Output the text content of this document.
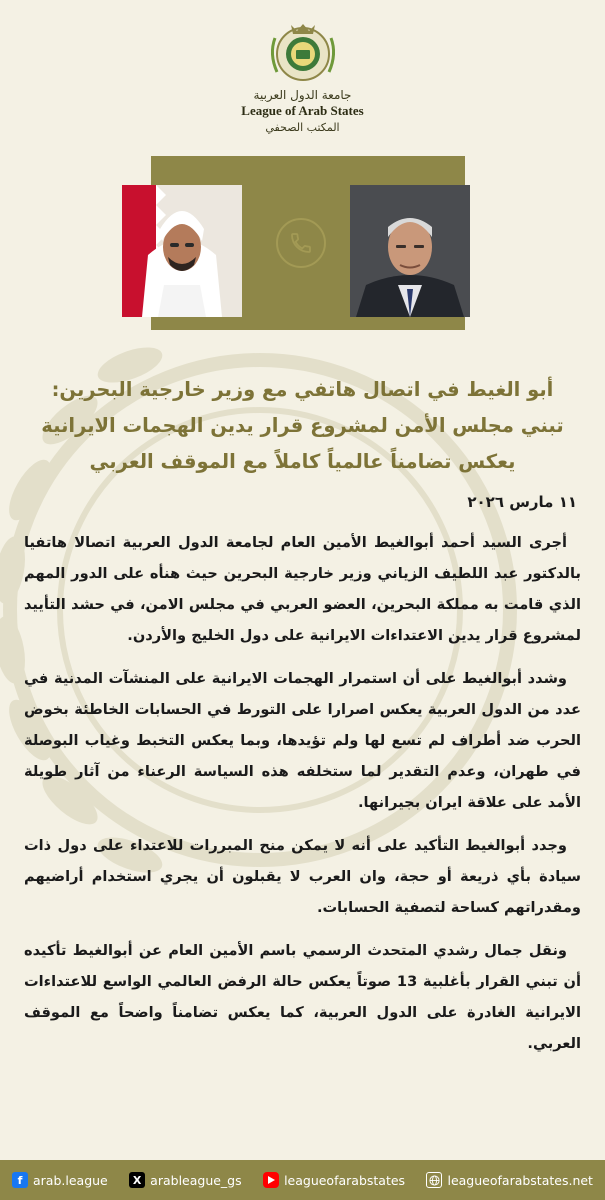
جامعة الدول العربية
League of Arab States
المكتب الصحفي
أبو الغيط في اتصال هاتفي مع وزير خارجية البحرين:
تبني مجلس الأمن لمشروع قرار يدين الهجمات الايرانية
يعكس تضامناً عالمياً كاملاً مع الموقف العربي
١١ مارس ٢٠٢٦

أجرى السيد أحمد أبوالغيط الأمين العام لجامعة الدول العربية اتصالا هاتفيا بالدكتور عبد اللطيف الزياني وزير خارجية البحرين حيث هنأه على الدور المهم الذي قامت به مملكة البحرين، العضو العربي في مجلس الامن، في حشد التأييد لمشروع قرار يدين الاعتداءات الايرانية على دول الخليج والأردن.

وشدد أبوالغيط على أن استمرار الهجمات الايرانية على المنشآت المدنية في عدد من الدول العربية يعكس اصرارا على التورط في الحسابات الخاطئة بخوض الحرب ضد أطراف لم تسع لها ولم تؤيدها، وبما يعكس التخبط وغياب البوصلة في طهران، وعدم التقدير لما ستخلفه هذه السياسة الرعناء من آثار طويلة الأمد على علاقة ايران بجيرانها.

وجدد أبوالغيط التأكيد على أنه لا يمكن منح المبررات للاعتداء على دول ذات سيادة بأي ذريعة أو حجة، وان العرب لا يقبلون أن يجري استخدام أراضيهم ومقدراتهم كساحة لتصفية الحسابات.

ونقل جمال رشدي المتحدث الرسمي باسم الأمين العام عن أبوالغيط تأكيده أن تبني القرار بأغلبية 13 صوتاً يعكس حالة الرفض العالمي الواسع للاعتداءات الايرانية الغادرة على الدول العربية، كما يعكس تضامناً واضحاً مع الموقف العربي.

f arab.league	X arableague_gs	leagueofarabstates	leagueofarabstates.net
